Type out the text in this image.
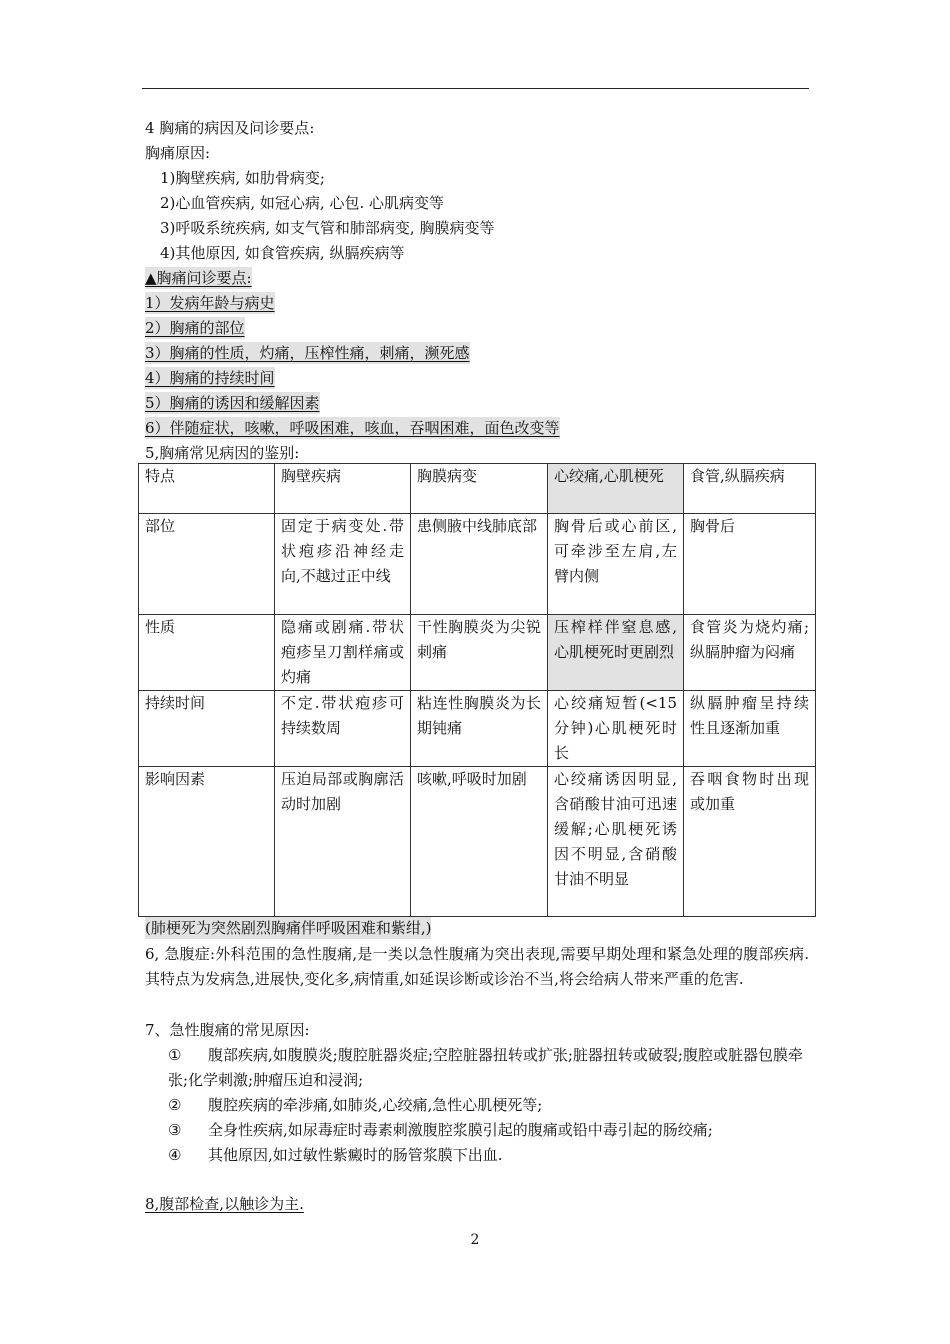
4 胸痛的病因及问诊要点:
胸痛原因:
1)胸壁疾病, 如肋骨病变;
2)心血管疾病, 如冠心病, 心包. 心肌病变等
3)呼吸系统疾病, 如支气管和肺部病变, 胸膜病变等
4)其他原因, 如食管疾病, 纵膈疾病等
▲胸痛问诊要点:
1）发病年龄与病史
2）胸痛的部位
3）胸痛的性质，灼痛，压榨性痛，刺痛，濒死感
4）胸痛的持续时间
5）胸痛的诱因和缓解因素
6）伴随症状，咳嗽，呼吸困难，咳血，吞咽困难，面色改变等
5,胸痛常见病因的鉴别:
特点	胸壁疾病	胸膜病变	心绞痛,心肌梗死	食管,纵膈疾病
部位	固定于病变处.带状疱疹沿神经走向,不越过正中线	患侧腋中线肺底部	胸骨后或心前区,可牵涉至左肩,左臂内侧	胸骨后
性质	隐痛或剧痛.带状疱疹呈刀割样痛或灼痛	干性胸膜炎为尖锐刺痛	压榨样伴窒息感,心肌梗死时更剧烈	食管炎为烧灼痛;纵膈肿瘤为闷痛
持续时间	不定.带状疱疹可持续数周	粘连性胸膜炎为长期钝痛	心绞痛短暂(<15分钟)心肌梗死时长	纵膈肿瘤呈持续性且逐渐加重
影响因素	压迫局部或胸廓活动时加剧	咳嗽,呼吸时加剧	心绞痛诱因明显,含硝酸甘油可迅速缓解;心肌梗死诱因不明显,含硝酸甘油不明显	吞咽食物时出现或加重
(肺梗死为突然剧烈胸痛伴呼吸困难和紫绀,)
6, 急腹症:外科范围的急性腹痛,是一类以急性腹痛为突出表现,需要早期处理和紧急处理的腹部疾病.其特点为发病急,进展快,变化多,病情重,如延误诊断或诊治不当,将会给病人带来严重的危害.
7、急性腹痛的常见原因:
① 腹部疾病,如腹膜炎;腹腔脏器炎症;空腔脏器扭转或扩张;脏器扭转或破裂;腹腔或脏器包膜牵张;化学刺激;肿瘤压迫和浸润;
② 腹腔疾病的牵涉痛,如肺炎,心绞痛,急性心肌梗死等;
③ 全身性疾病,如尿毒症时毒素刺激腹腔浆膜引起的腹痛或铅中毒引起的肠绞痛;
④ 其他原因,如过敏性紫癜时的肠管浆膜下出血.
8,腹部检查,以触诊为主.
2
